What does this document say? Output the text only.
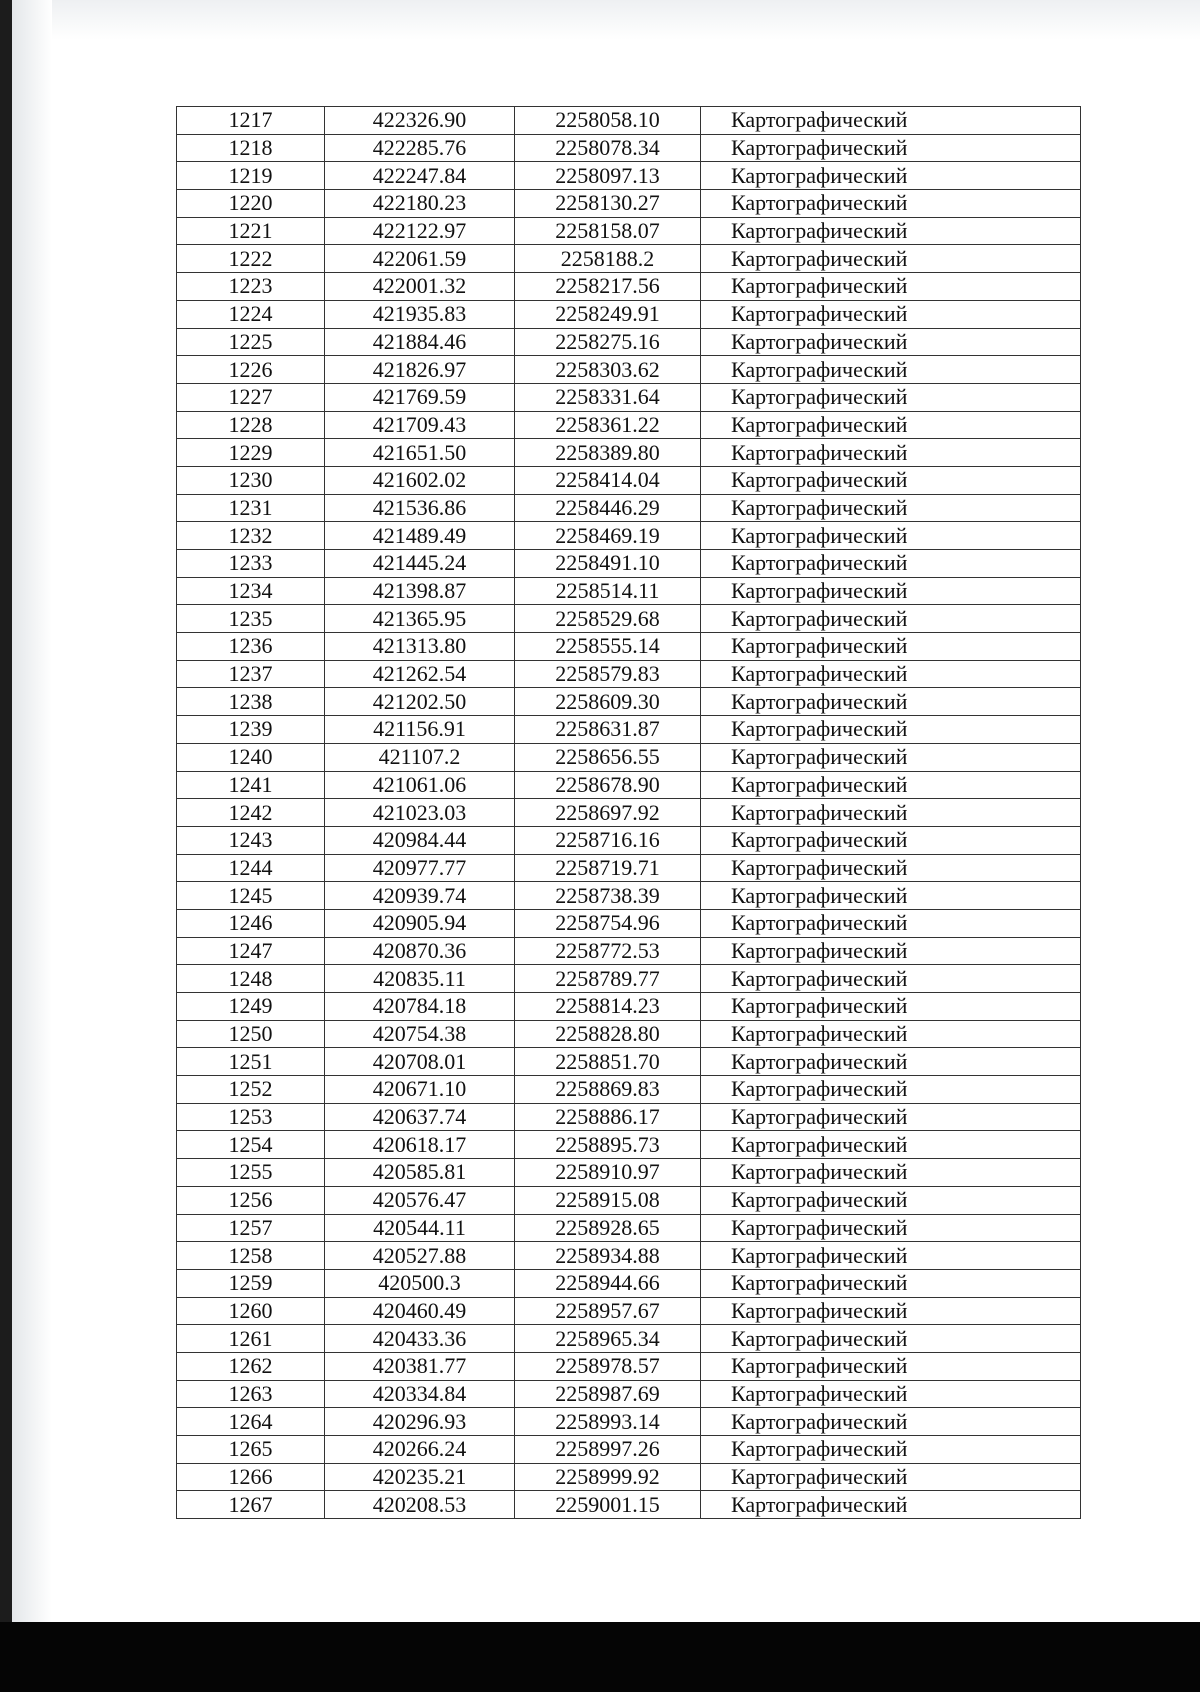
1217	422326.90	2258058.10	Картографический
1218	422285.76	2258078.34	Картографический
1219	422247.84	2258097.13	Картографический
1220	422180.23	2258130.27	Картографический
1221	422122.97	2258158.07	Картографический
1222	422061.59	2258188.2	Картографический
1223	422001.32	2258217.56	Картографический
1224	421935.83	2258249.91	Картографический
1225	421884.46	2258275.16	Картографический
1226	421826.97	2258303.62	Картографический
1227	421769.59	2258331.64	Картографический
1228	421709.43	2258361.22	Картографический
1229	421651.50	2258389.80	Картографический
1230	421602.02	2258414.04	Картографический
1231	421536.86	2258446.29	Картографический
1232	421489.49	2258469.19	Картографический
1233	421445.24	2258491.10	Картографический
1234	421398.87	2258514.11	Картографический
1235	421365.95	2258529.68	Картографический
1236	421313.80	2258555.14	Картографический
1237	421262.54	2258579.83	Картографический
1238	421202.50	2258609.30	Картографический
1239	421156.91	2258631.87	Картографический
1240	421107.2	2258656.55	Картографический
1241	421061.06	2258678.90	Картографический
1242	421023.03	2258697.92	Картографический
1243	420984.44	2258716.16	Картографический
1244	420977.77	2258719.71	Картографический
1245	420939.74	2258738.39	Картографический
1246	420905.94	2258754.96	Картографический
1247	420870.36	2258772.53	Картографический
1248	420835.11	2258789.77	Картографический
1249	420784.18	2258814.23	Картографический
1250	420754.38	2258828.80	Картографический
1251	420708.01	2258851.70	Картографический
1252	420671.10	2258869.83	Картографический
1253	420637.74	2258886.17	Картографический
1254	420618.17	2258895.73	Картографический
1255	420585.81	2258910.97	Картографический
1256	420576.47	2258915.08	Картографический
1257	420544.11	2258928.65	Картографический
1258	420527.88	2258934.88	Картографический
1259	420500.3	2258944.66	Картографический
1260	420460.49	2258957.67	Картографический
1261	420433.36	2258965.34	Картографический
1262	420381.77	2258978.57	Картографический
1263	420334.84	2258987.69	Картографический
1264	420296.93	2258993.14	Картографический
1265	420266.24	2258997.26	Картографический
1266	420235.21	2258999.92	Картографический
1267	420208.53	2259001.15	Картографический
